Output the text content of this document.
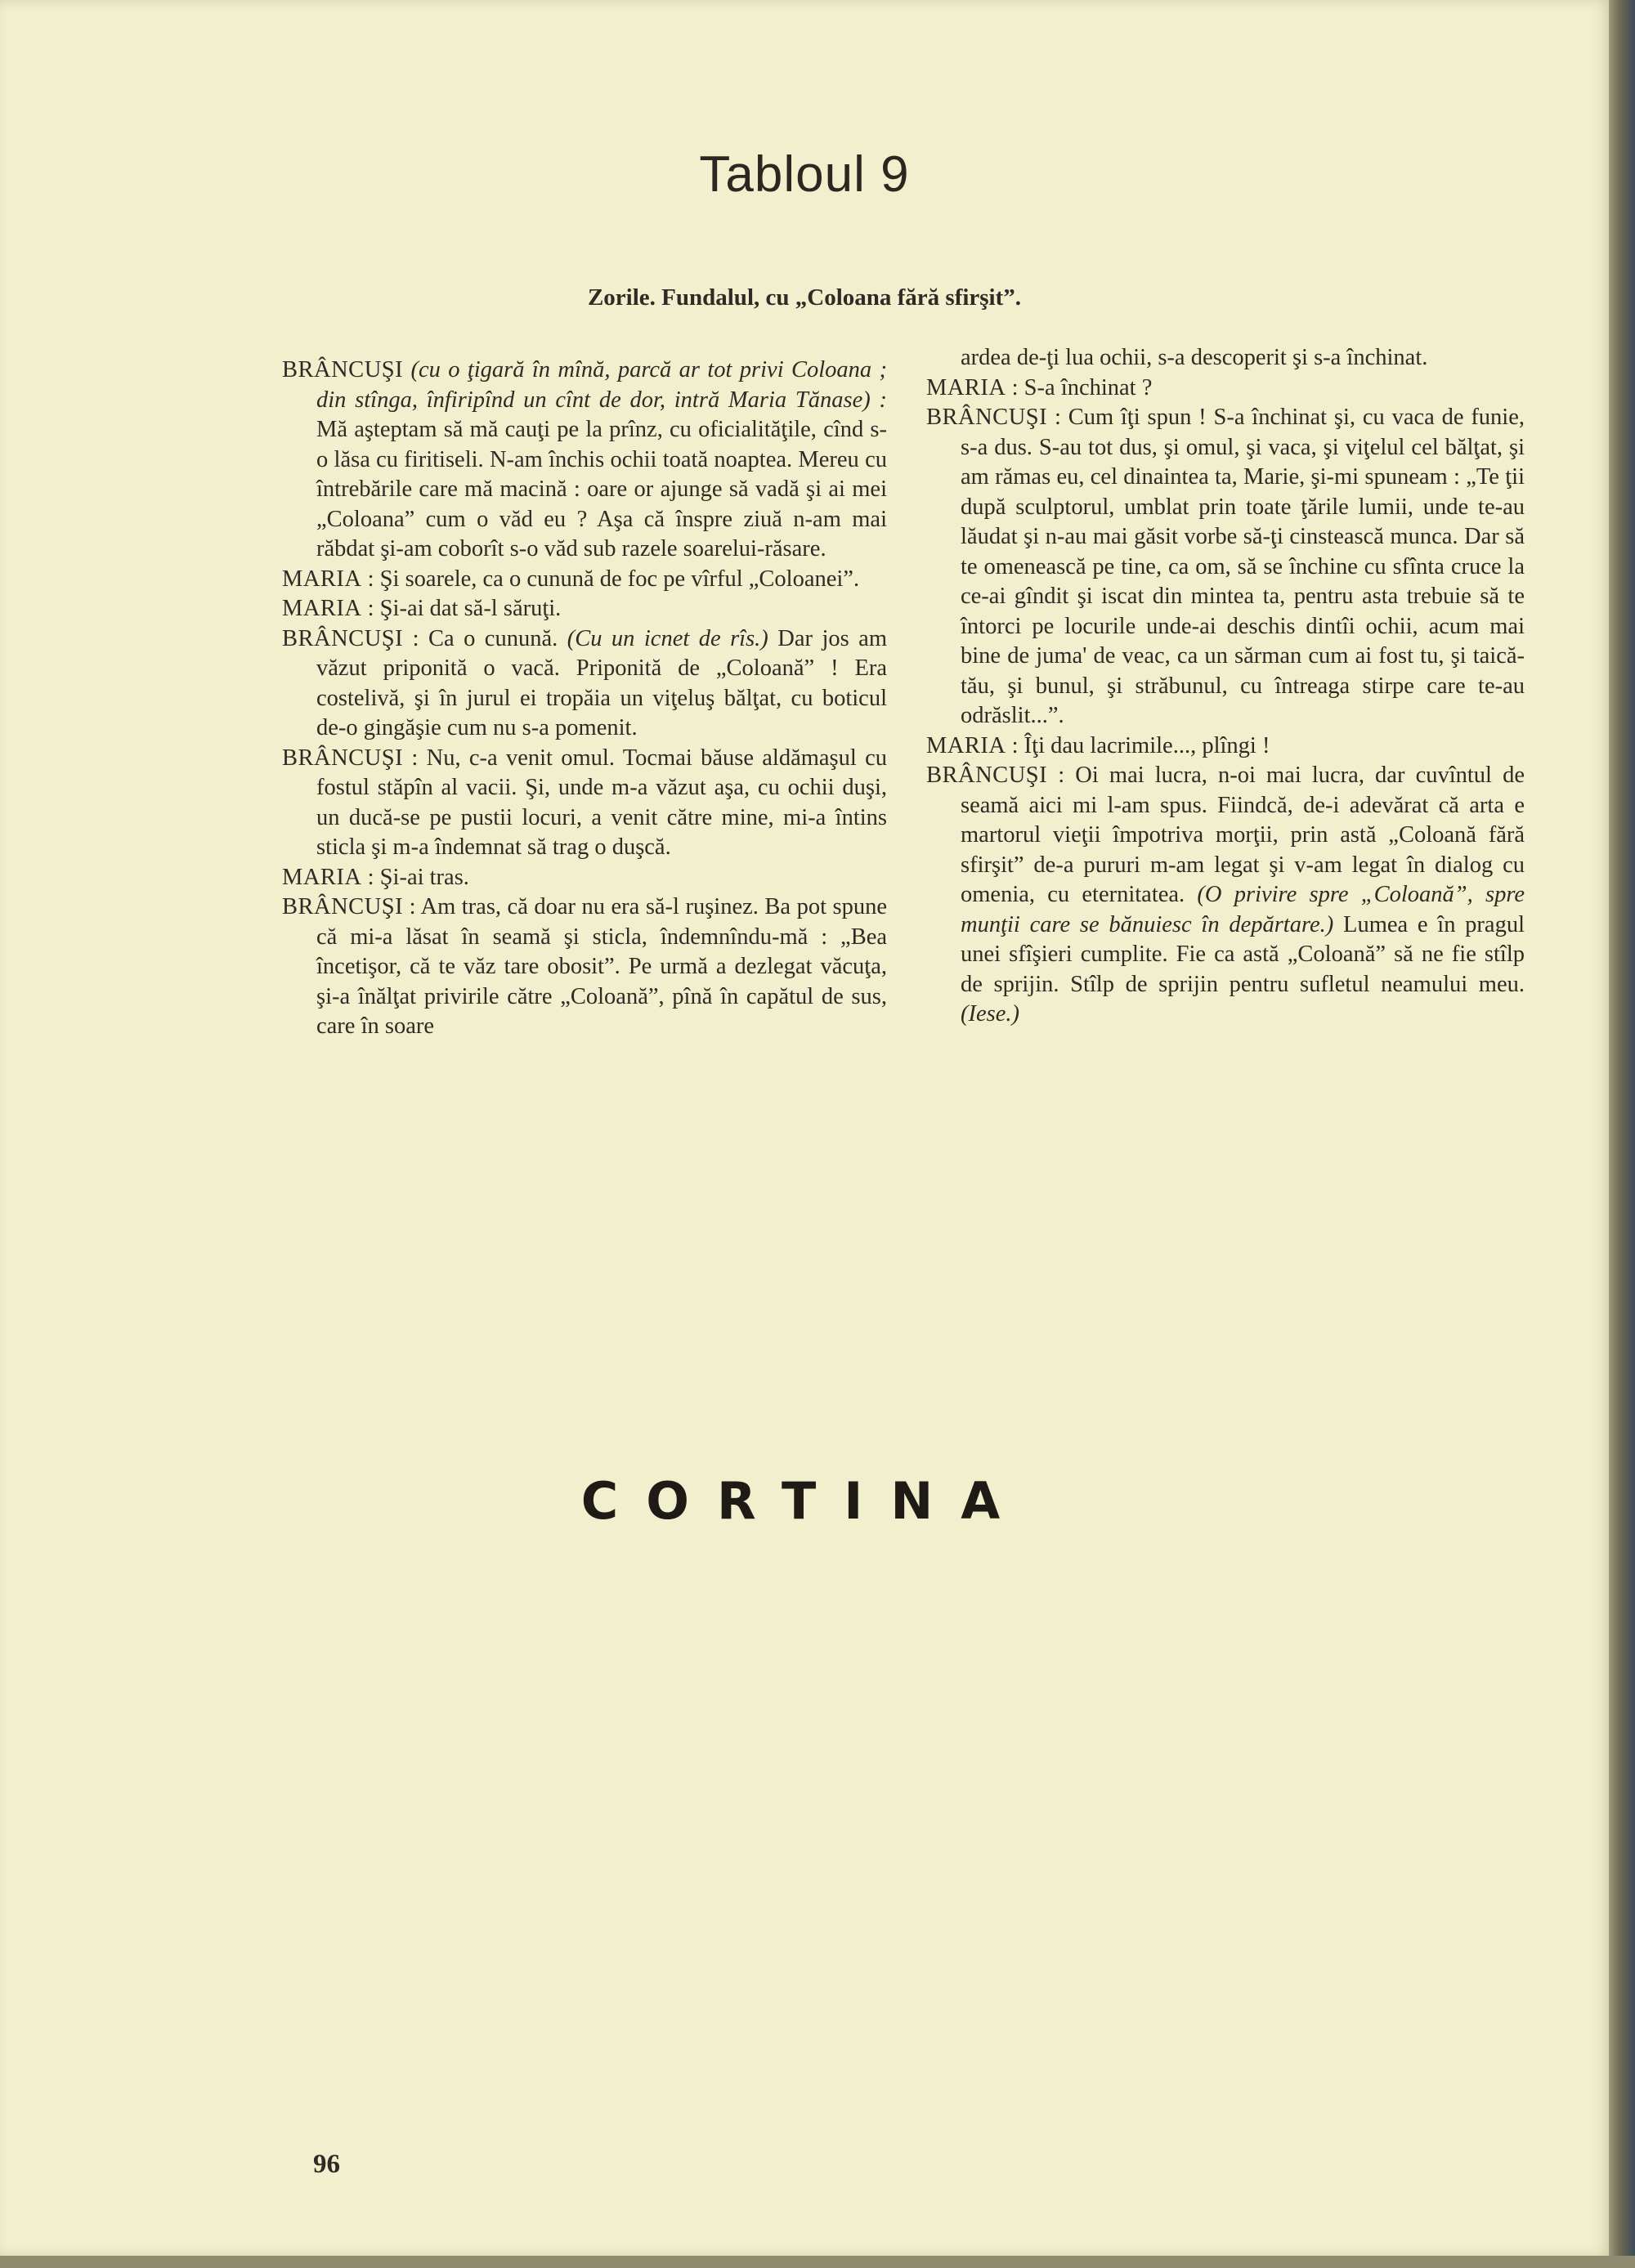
Tabloul 9
Zorile. Fundalul, cu „Coloana fără sfirşit”.

BRÂNCUŞI (cu o ţigară în mînă, parcă ar tot privi Coloana ; din stînga, înfiripînd un cînt de dor, intră Maria Tănase) : Mă aşteptam să mă cauţi pe la prînz, cu oficialităţile, cînd s-o lăsa cu firitiseli. N-am închis ochii toată noaptea. Mereu cu întrebările care mă macină : oare or ajunge să vadă şi ai mei „Coloana” cum o văd eu ? Aşa că înspre ziuă n-am mai răbdat şi-am coborît s-o văd sub razele soarelui-răsare.

MARIA : Şi soarele, ca o cunună de foc pe vîrful „Coloanei”.

MARIA : Şi-ai dat să-l săruţi.

BRÂNCUŞI : Ca o cunună. (Cu un icnet de rîs.) Dar jos am văzut priponită o vacă. Priponită de „Coloană” ! Era costelivă, şi în jurul ei tropăia un viţeluş bălţat, cu boticul de-o gingăşie cum nu s-a pomenit.

BRÂNCUŞI : Nu, c-a venit omul. Tocmai băuse aldămaşul cu fostul stăpîn al vacii. Şi, unde m-a văzut aşa, cu ochii duşi, un ducă-se pe pustii locuri, a venit către mine, mi-a întins sticla şi m-a îndemnat să trag o duşcă.

MARIA : Şi-ai tras.

BRÂNCUŞI : Am tras, că doar nu era să-l ruşinez. Ba pot spune că mi-a lăsat în seamă şi sticla, îndemnîndu-mă : „Bea încetişor, că te văz tare obosit”. Pe urmă a dezlegat văcuţa, şi-a înălţat privirile către „Coloană”, pînă în capătul de sus, care în soare

ardea de-ţi lua ochii, s-a descoperit şi s-a închinat.

MARIA : S-a închinat ?

BRÂNCUŞI : Cum îţi spun ! S-a închinat şi, cu vaca de funie, s-a dus. S-au tot dus, şi omul, şi vaca, şi viţelul cel bălţat, şi am rămas eu, cel dinaintea ta, Marie, şi-mi spuneam : „Te ţii după sculptorul, umblat prin toate ţările lumii, unde te-au lăudat şi n-au mai găsit vorbe să-ţi cinstească munca. Dar să te omenească pe tine, ca om, să se închine cu sfînta cruce la ce-ai gîndit şi iscat din mintea ta, pentru asta trebuie să te întorci pe locurile unde-ai deschis dintîi ochii, acum mai bine de juma' de veac, ca un sărman cum ai fost tu, şi taică-tău, şi bunul, şi străbunul, cu întreaga stirpe care te-au odrăslit...”.

MARIA : Îţi dau lacrimile..., plîngi !

BRÂNCUŞI : Oi mai lucra, n-oi mai lucra, dar cuvîntul de seamă aici mi l-am spus. Fiindcă, de-i adevărat că arta e martorul vieţii împotriva morţii, prin astă „Coloană fără sfirşit” de-a pururi m-am legat şi v-am legat în dialog cu omenia, cu eternitatea. (O privire spre „Coloană”, spre munţii care se bănuiesc în depărtare.) Lumea e în pragul unei sfîşieri cumplite. Fie ca astă „Coloană” să ne fie stîlp de sprijin. Stîlp de sprijin pentru sufletul neamului meu. (Iese.)

CORTINA
96
